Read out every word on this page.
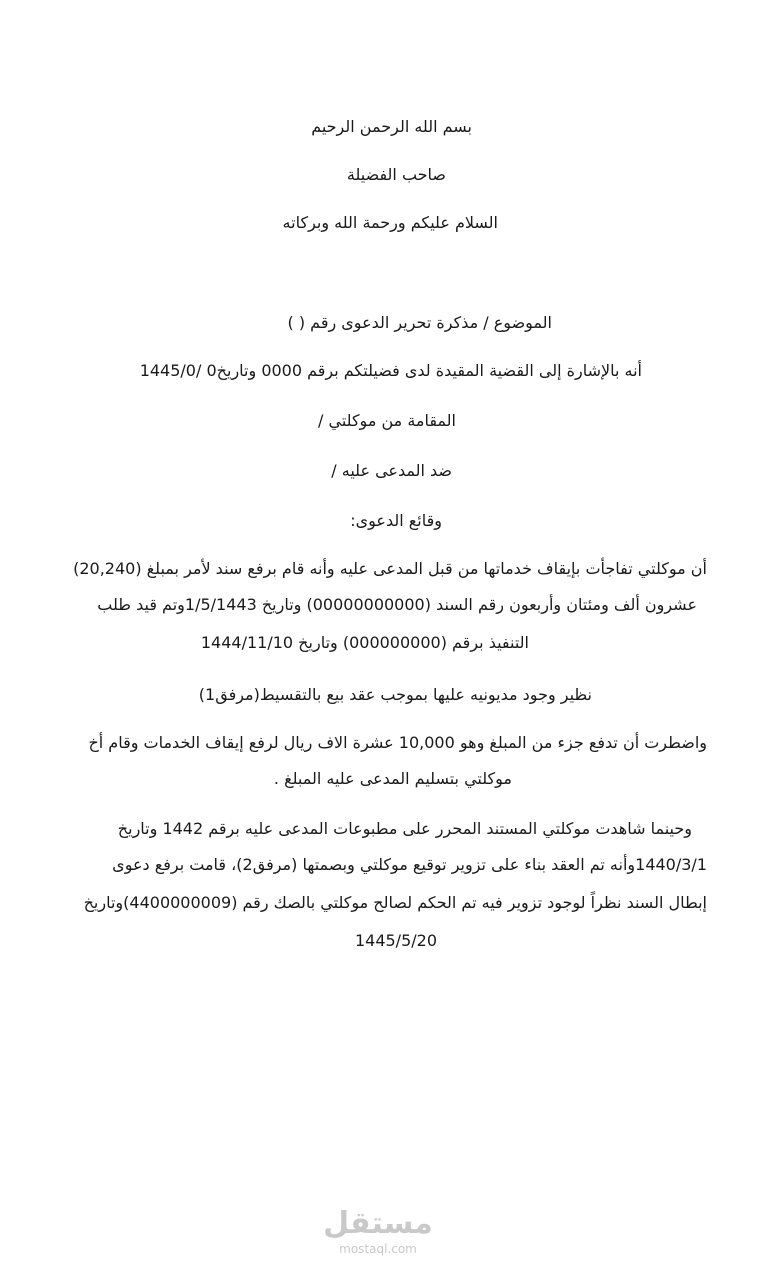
بسم الله الرحمن الرحيم
صاحب الفضيلة
السلام عليكم ورحمة الله وبركاته
الموضوع / مذكرة تحرير الدعوى رقم ( )
أنه بالإشارة إلى القضية المقيدة لدى فضيلتكم برقم 0000 وتاريخ0 /1445/0
المقامة من موكلتي /
ضد المدعى عليه /
وقائع الدعوى:
أن موكلتي تفاجأت بإيقاف خدماتها من قبل المدعى عليه وأنه قام برفع سند لأمر بمبلغ (20,240)
عشرون ألف ومئتان وأربعون رقم السند (00000000000) وتاريخ 1/5/1443وتم قيد طلب
التنفيذ برقم (000000000) وتاريخ 1444/11/10
نظير وجود مديونيه عليها بموجب عقد بيع بالتقسيط(مرفق1)
واضطرت أن تدفع جزء من المبلغ وهو 10,000 عشرة الاف ريال لرفع إيقاف الخدمات وقام أخ
موكلتي بتسليم المدعى عليه المبلغ .
وحينما شاهدت موكلتي المستند المحرر على مطبوعات المدعى عليه برقم 1442 وتاريخ
1440/3/1وأنه تم العقد بناء على تزوير توقيع موكلتي وبصمتها (مرفق2)، قامت برفع دعوى
إبطال السند نظراً لوجود تزوير فيه تم الحكم لصالح موكلتي بالصك رقم (4400000009)وتاريخ
1445/5/20
مستقل
mostaql.com
